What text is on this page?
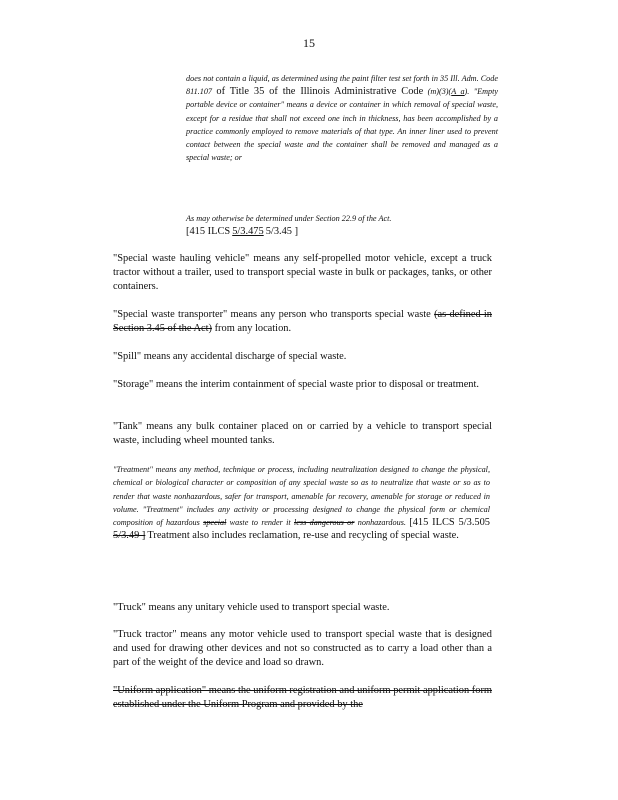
15

does not contain a liquid, as determined using the paint filter test set forth in 35 Ill. Adm. Code 811.107 of Title 35 of the Illinois Administrative Code (m)(3)(A a). "Empty portable device or container" means a device or container in which removal of special waste, except for a residue that shall not exceed one inch in thickness, has been accomplished by a practice commonly employed to remove materials of that type. An inner liner used to prevent contact between the special waste and the container shall be removed and managed as a special waste; or

As may otherwise be determined under Section 22.9 of the Act.
[415 ILCS 5/3.475 5/3.45 ]

"Special waste hauling vehicle" means any self-propelled motor vehicle, except a truck tractor without a trailer, used to transport special waste in bulk or packages, tanks, or other containers.

"Special waste transporter" means any person who transports special waste (as defined in Section 3.45 of the Act) from any location.

"Spill" means any accidental discharge of special waste.

"Storage" means the interim containment of special waste prior to disposal or treatment.

"Tank" means any bulk container placed on or carried by a vehicle to transport special waste, including wheel mounted tanks.

"Treatment" means any method, technique or process, including neutralization designed to change the physical, chemical or biological character or composition of any special waste so as to neutralize that waste or so as to render that waste nonhazardous, safer for transport, amenable for recovery, amenable for storage or reduced in volume. "Treatment" includes any activity or processing designed to change the physical form or chemical composition of hazardous special waste to render it less dangerous or nonhazardous. [415 ILCS 5/3.505 5/3.49 ] Treatment also includes reclamation, re-use and recycling of special waste.

"Truck" means any unitary vehicle used to transport special waste.

"Truck tractor" means any motor vehicle used to transport special waste that is designed and used for drawing other devices and not so constructed as to carry a load other than a part of the weight of the device and load so drawn.

"Uniform application" means the uniform registration and uniform permit application form established under the Uniform Program and provided by the
